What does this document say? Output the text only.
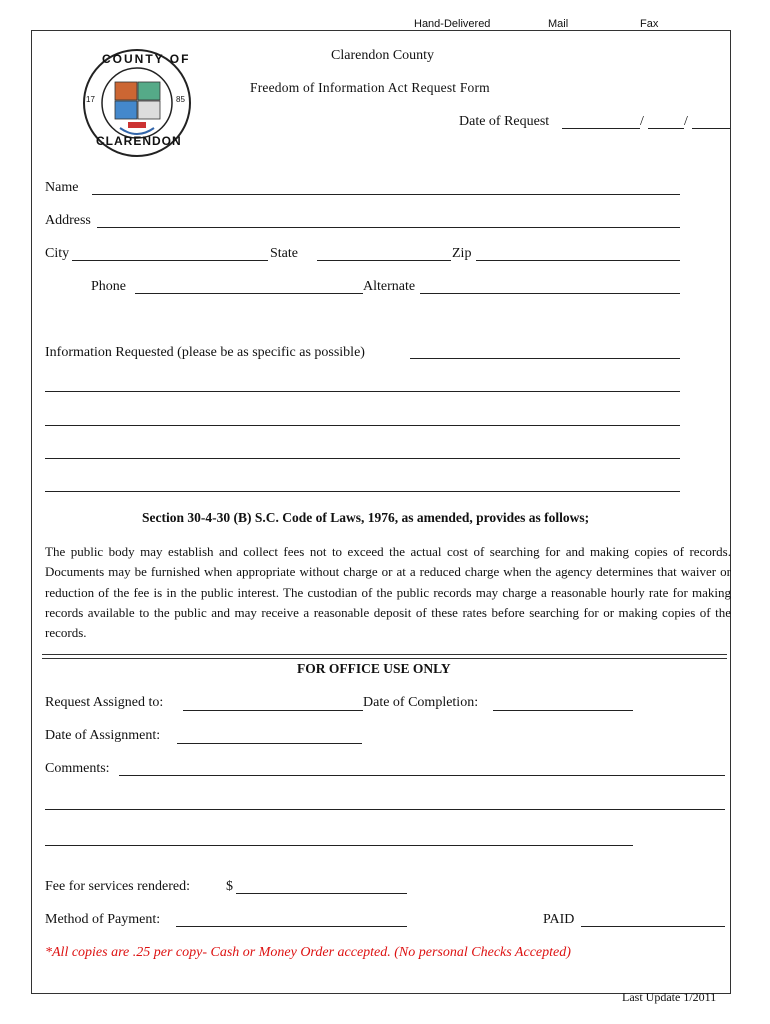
Hand-Delivered	Mail	Fax
COUNTY OF
CLARENDON
17	85
Clarendon County
Freedom of Information Act Request Form
Date of Request	/	/
Name
Address
City	State	Zip
Phone	Alternate
Information Requested (please be as specific as possible)
Section 30-4-30 (B) S.C. Code of Laws, 1976, as amended, provides as follows;
The public body may establish and collect fees not to exceed the actual cost of searching for and making copies of records. Documents may be furnished when appropriate without charge or at a reduced charge when the agency determines that waiver or reduction of the fee is in the public interest. The custodian of the public records may charge a reasonable hourly rate for making records available to the public and may receive a reasonable deposit of these rates before searching for or making copies of the records.
FOR OFFICE USE ONLY
Request Assigned to:	Date of Completion:
Date of Assignment:
Comments:
Fee for services rendered:	$
Method of Payment:	PAID
*All copies are .25 per copy- Cash or Money Order accepted. (No personal Checks Accepted)
Last Update 1/2011
